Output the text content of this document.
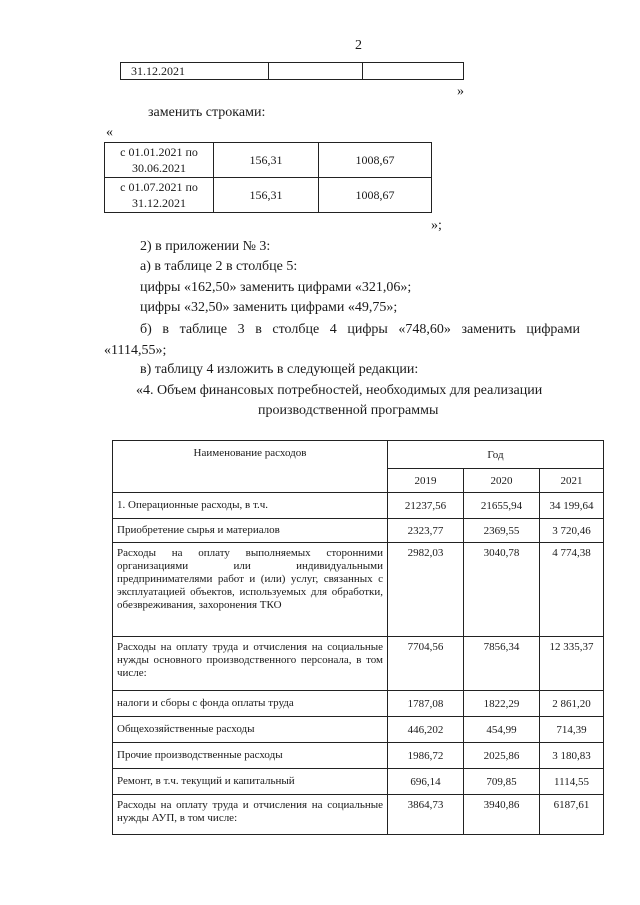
2
31.12.2021		
»
заменить строками:
«
с 01.01.2021 по
30.06.2021	156,31	1008,67
с 01.07.2021 по
31.12.2021	156,31	1008,67
»;
2) в приложении № 3:
а) в таблице 2 в столбце 5:
цифры «162,50» заменить цифрами «321,06»;
цифры «32,50» заменить цифрами «49,75»;
б) в таблице 3 в столбце 4 цифры «748,60» заменить цифрами
«1114,55»;
в) таблицу 4 изложить в следующей редакции:
«4. Объем финансовых потребностей, необходимых для реализации
производственной программы
Наименование расходов	Год		
	2019	2020	2021
1. Операционные расходы, в т.ч.	21237,56	21655,94	34 199,64
Приобретение сырья и материалов	2323,77	2369,55	3 720,46
Расходы на оплату выполняемых сторонними организациями или индивидуальными предпринимателями работ и (или) услуг, связанных с эксплуатацией объектов, используемых для обработки, обезвреживания, захоронения ТКО	2982,03	3040,78	4 774,38
Расходы на оплату труда и отчисления на социальные нужды основного производственного персонала, в том числе:	7704,56	7856,34	12 335,37
налоги и сборы с фонда оплаты труда	1787,08	1822,29	2 861,20
Общехозяйственные расходы	446,202	454,99	714,39
Прочие производственные расходы	1986,72	2025,86	3 180,83
Ремонт, в т.ч. текущий и капитальный	696,14	709,85	1114,55
Расходы на оплату труда и отчисления на социальные нужды АУП, в том числе:	3864,73	3940,86	6187,61
